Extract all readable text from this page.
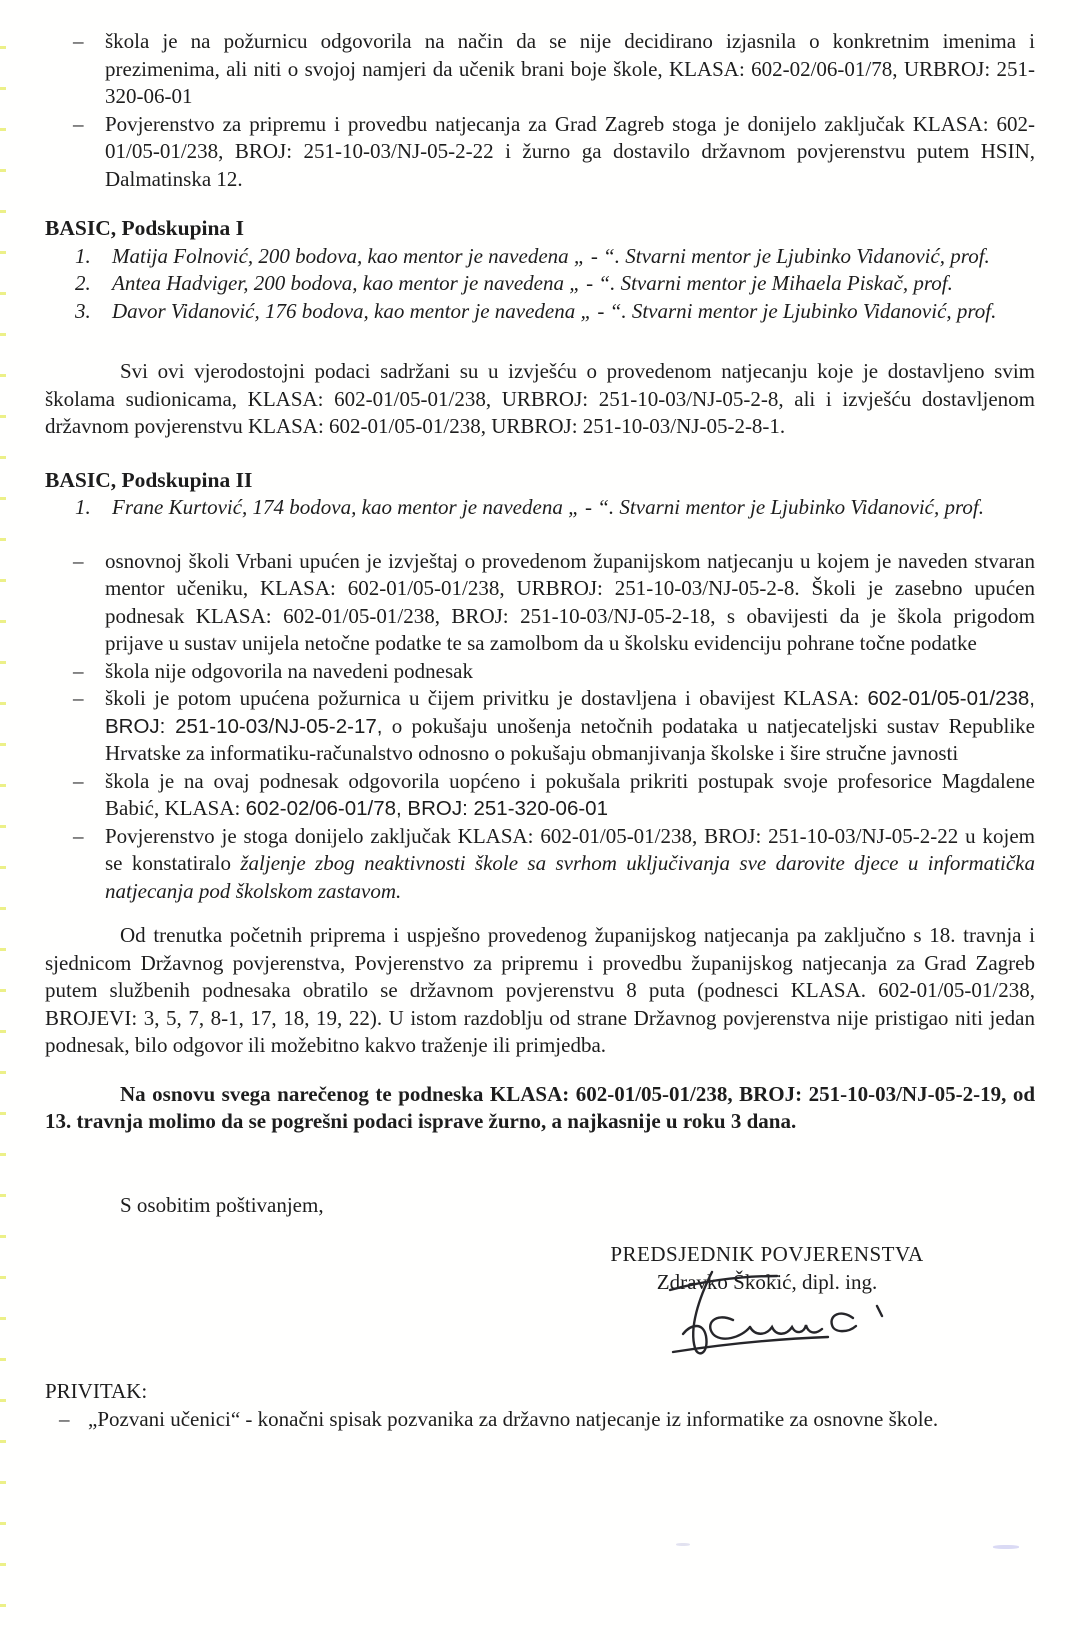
– škola je na požurnicu odgovorila na način da se nije decidirano izjasnila o konkretnim imenima i prezimenima, ali niti o svojoj namjeri da učenik brani boje škole, KLASA: 602-02/06-01/78, URBROJ: 251-320-06-01
– Povjerenstvo za pripremu i provedbu natjecanja za Grad Zagreb stoga je donijelo zaključak KLASA: 602-01/05-01/238, BROJ: 251-10-03/NJ-05-2-22 i žurno ga dostavilo državnom povjerenstvu putem HSIN, Dalmatinska 12.
BASIC, Podskupina I
1. Matija Folnović, 200 bodova, kao mentor je navedena „ - “. Stvarni mentor je Ljubinko Vidanović, prof.
2. Antea Hadviger, 200 bodova, kao mentor je navedena „ - “. Stvarni mentor je Mihaela Piskač, prof.
3. Davor Vidanović, 176 bodova, kao mentor je navedena „ - “. Stvarni mentor je Ljubinko Vidanović, prof.

Svi ovi vjerodostojni podaci sadržani su u izvješću o provedenom natjecanju koje je dostavljeno svim školama sudionicama, KLASA: 602-01/05-01/238, URBROJ: 251-10-03/NJ-05-2-8, ali i izvješću dostavljenom državnom povjerenstvu KLASA: 602-01/05-01/238, URBROJ: 251-10-03/NJ-05-2-8-1.

BASIC, Podskupina II
1. Frane Kurtović, 174 bodova, kao mentor je navedena „ - “. Stvarni mentor je Ljubinko Vidanović, prof.
– osnovnoj školi Vrbani upućen je izvještaj o provedenom županijskom natjecanju u kojem je naveden stvaran mentor učeniku, KLASA: 602-01/05-01/238, URBROJ: 251-10-03/NJ-05-2-8. Školi je zasebno upućen podnesak KLASA: 602-01/05-01/238, BROJ: 251-10-03/NJ-05-2-18, s obavijesti da je škola prigodom prijave u sustav unijela netočne podatke te sa zamolbom da u školsku evidenciju pohrane točne podatke
– škola nije odgovorila na navedeni podnesak
– školi je potom upućena požurnica u čijem privitku je dostavljena i obavijest KLASA: 602-01/05-01/238, BROJ: 251-10-03/NJ-05-2-17, o pokušaju unošenja netočnih podataka u natjecateljski sustav Republike Hrvatske za informatiku-računalstvo odnosno o pokušaju obmanjivanja školske i šire stručne javnosti
– škola je na ovaj podnesak odgovorila uopćeno i pokušala prikriti postupak svoje profesorice Magdalene Babić, KLASA: 602-02/06-01/78, BROJ: 251-320-06-01
– Povjerenstvo je stoga donijelo zaključak KLASA: 602-01/05-01/238, BROJ: 251-10-03/NJ-05-2-22 u kojem se konstatiralo žaljenje zbog neaktivnosti škole sa svrhom uključivanja sve darovite djece u informatička natjecanja pod školskom zastavom.

Od trenutka početnih priprema i uspješno provedenog županijskog natjecanja pa zaključno s 18. travnja i sjednicom Državnog povjerenstva, Povjerenstvo za pripremu i provedbu županijskog natjecanja za Grad Zagreb putem službenih podnesaka obratilo se državnom povjerenstvu 8 puta (podnesci KLASA. 602-01/05-01/238, BROJEVI: 3, 5, 7, 8-1, 17, 18, 19, 22). U istom razdoblju od strane Državnog povjerenstva nije pristigao niti jedan podnesak, bilo odgovor ili možebitno kakvo traženje ili primjedba.

Na osnovu svega narečenog te podneska KLASA: 602-01/05-01/238, BROJ: 251-10-03/NJ-05-2-19, od 13. travnja molimo da se pogrešni podaci isprave žurno, a najkasnije u roku 3 dana.

S osobitim poštivanjem,

PREDSJEDNIK POVJERENSTVA
Zdravko Škokić, dipl. ing.
PRIVITAK:
– „Pozvani učenici“ - konačni spisak pozvanika za državno natjecanje iz informatike za osnovne škole.
